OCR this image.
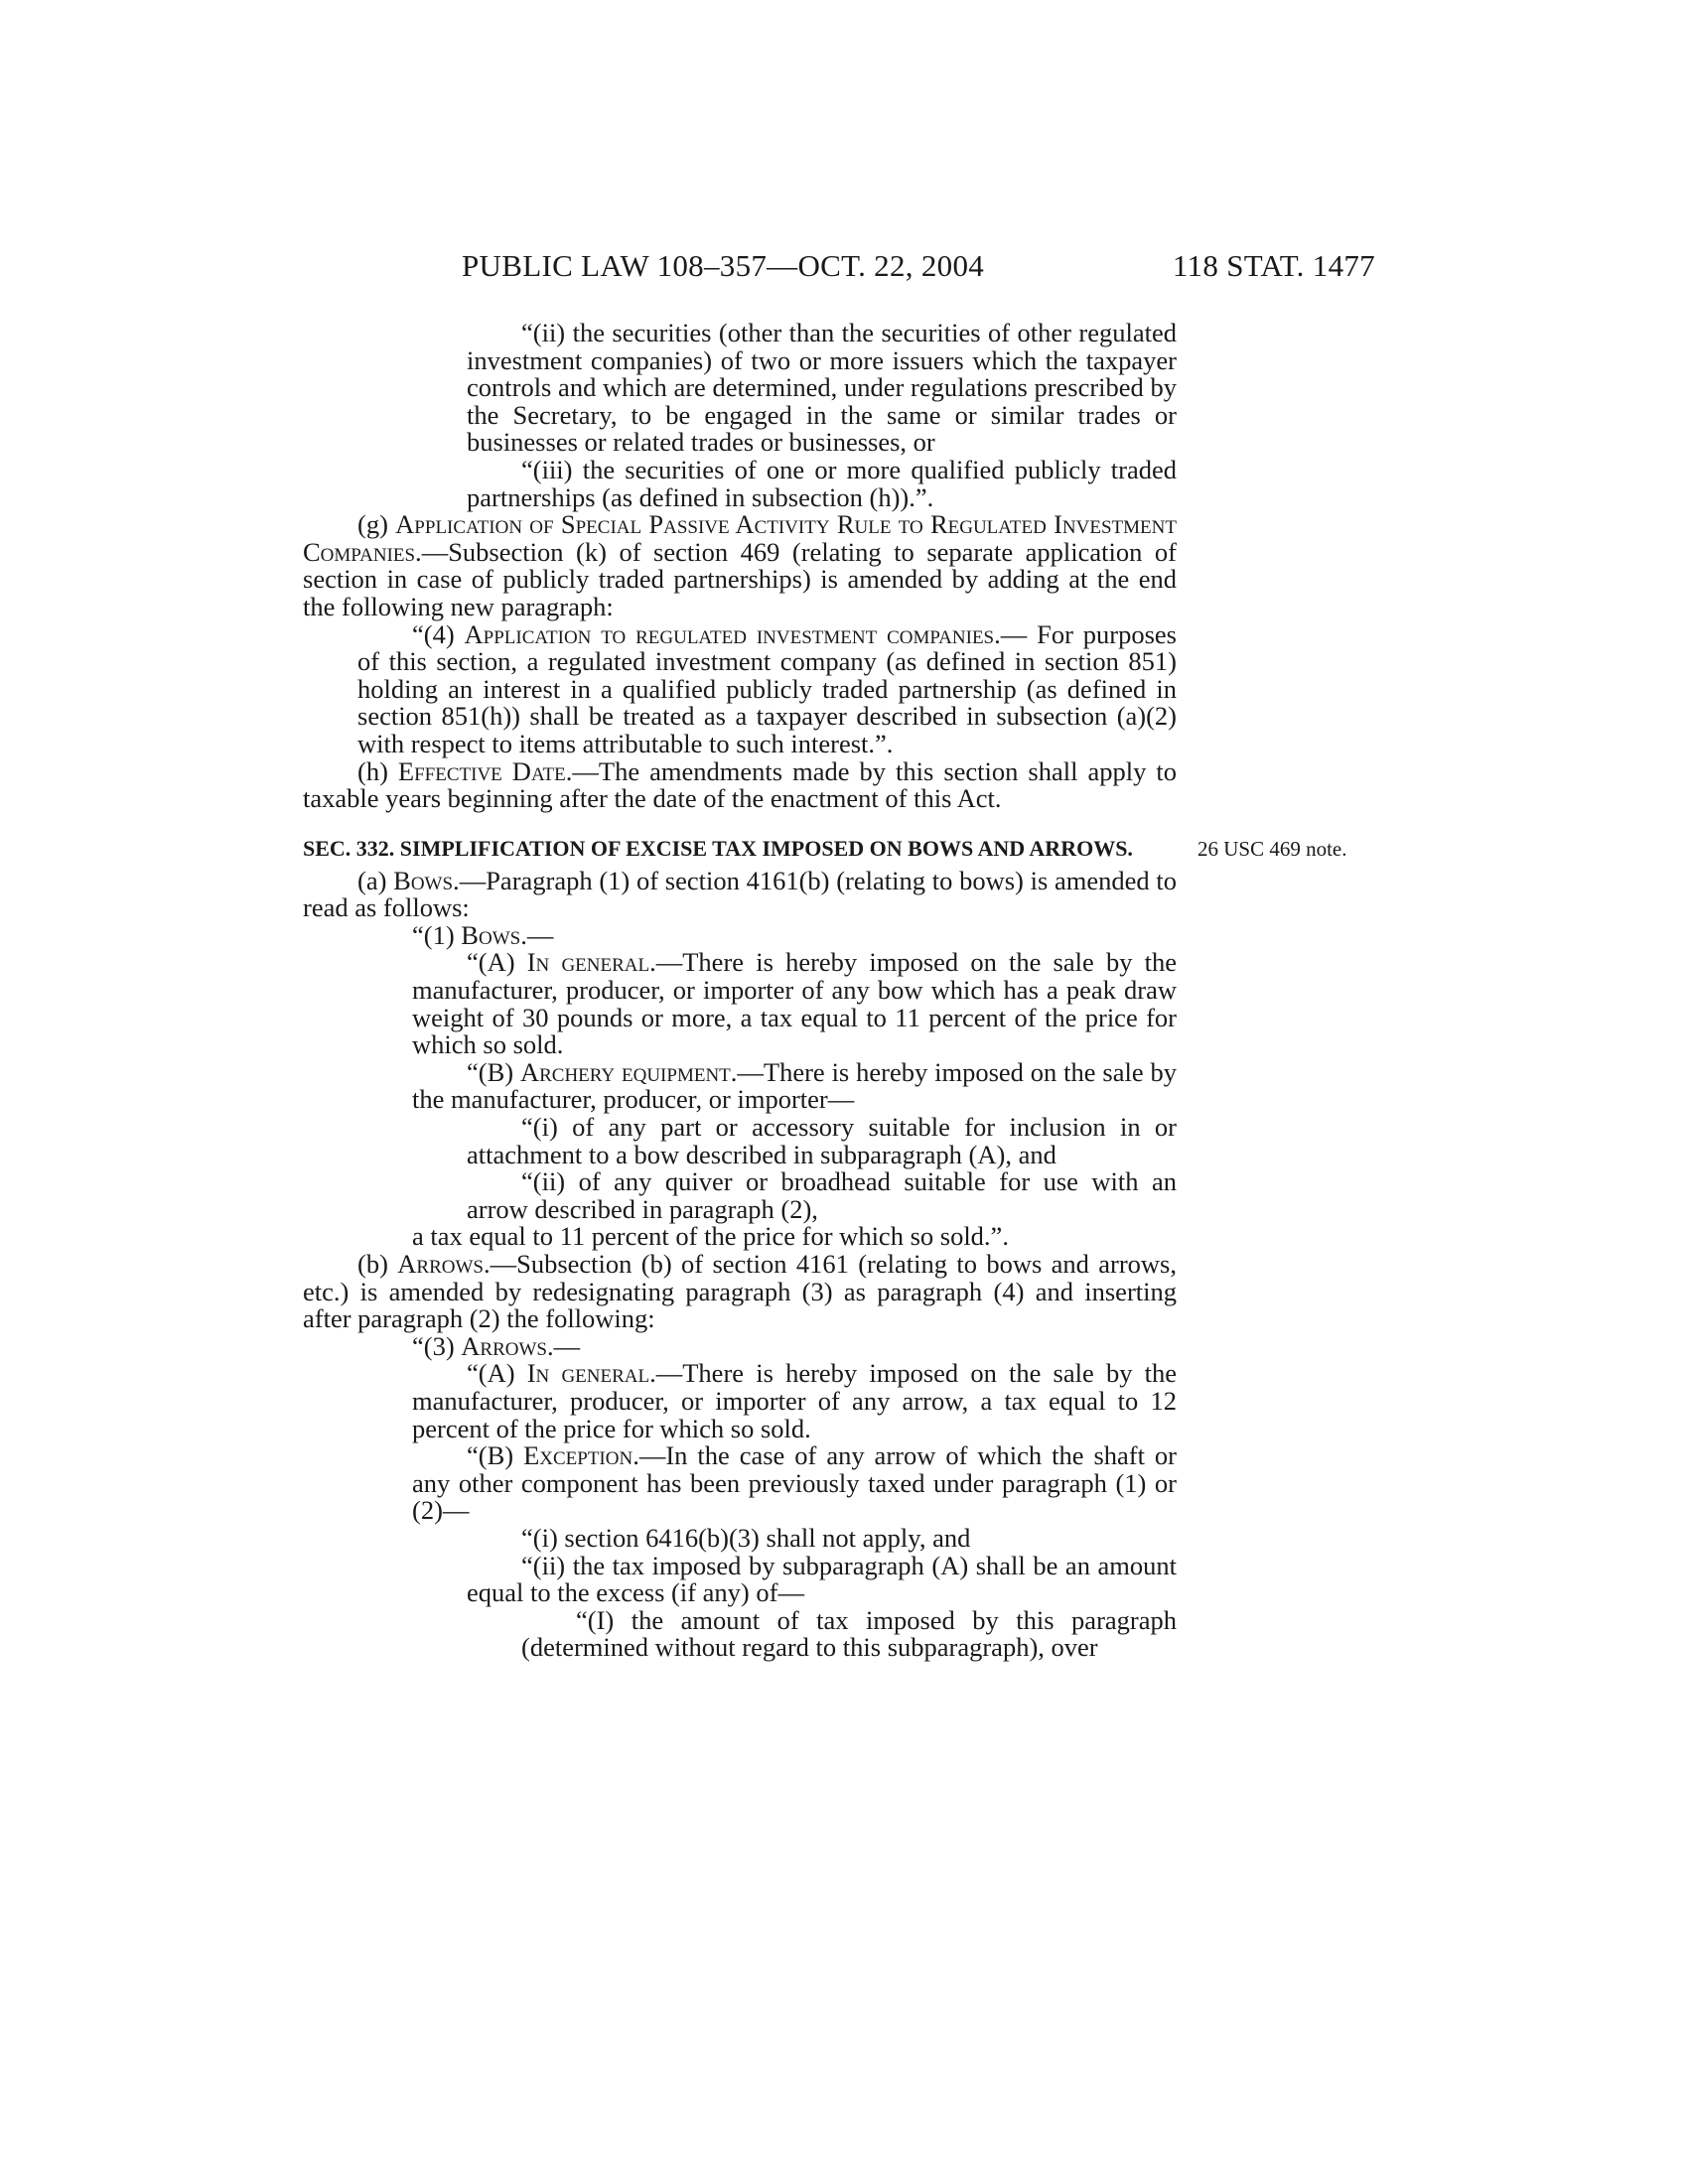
PUBLIC LAW 108–357—OCT. 22, 2004	118 STAT. 1477
26 USC 469 note.

“(ii) the securities (other than the securities of other regulated investment companies) of two or more issuers which the taxpayer controls and which are determined, under regulations prescribed by the Secretary, to be engaged in the same or similar trades or businesses or related trades or businesses, or

“(iii) the securities of one or more qualified publicly traded partnerships (as defined in subsection (h)).”.

(g) Application of Special Passive Activity Rule to Regulated Investment Companies.—Subsection (k) of section 469 (relating to separate application of section in case of publicly traded partnerships) is amended by adding at the end the following new paragraph:

“(4) Application to regulated investment companies.— For purposes of this section, a regulated investment company (as defined in section 851) holding an interest in a qualified publicly traded partnership (as defined in section 851(h)) shall be treated as a taxpayer described in subsection (a)(2) with respect to items attributable to such interest.”.

(h) Effective Date.—The amendments made by this section shall apply to taxable years beginning after the date of the enactment of this Act.

SEC. 332. SIMPLIFICATION OF EXCISE TAX IMPOSED ON BOWS AND ARROWS.

(a) Bows.—Paragraph (1) of section 4161(b) (relating to bows) is amended to read as follows:

“(1) Bows.—

“(A) In general.—There is hereby imposed on the sale by the manufacturer, producer, or importer of any bow which has a peak draw weight of 30 pounds or more, a tax equal to 11 percent of the price for which so sold.

“(B) Archery equipment.—There is hereby imposed on the sale by the manufacturer, producer, or importer—

“(i) of any part or accessory suitable for inclusion in or attachment to a bow described in subparagraph (A), and

“(ii) of any quiver or broadhead suitable for use with an arrow described in paragraph (2),

a tax equal to 11 percent of the price for which so sold.”.

(b) Arrows.—Subsection (b) of section 4161 (relating to bows and arrows, etc.) is amended by redesignating paragraph (3) as paragraph (4) and inserting after paragraph (2) the following:

“(3) Arrows.—

“(A) In general.—There is hereby imposed on the sale by the manufacturer, producer, or importer of any arrow, a tax equal to 12 percent of the price for which so sold.

“(B) Exception.—In the case of any arrow of which the shaft or any other component has been previously taxed under paragraph (1) or (2)—

“(i) section 6416(b)(3) shall not apply, and

“(ii) the tax imposed by subparagraph (A) shall be an amount equal to the excess (if any) of—

“(I) the amount of tax imposed by this paragraph (determined without regard to this subparagraph), over
